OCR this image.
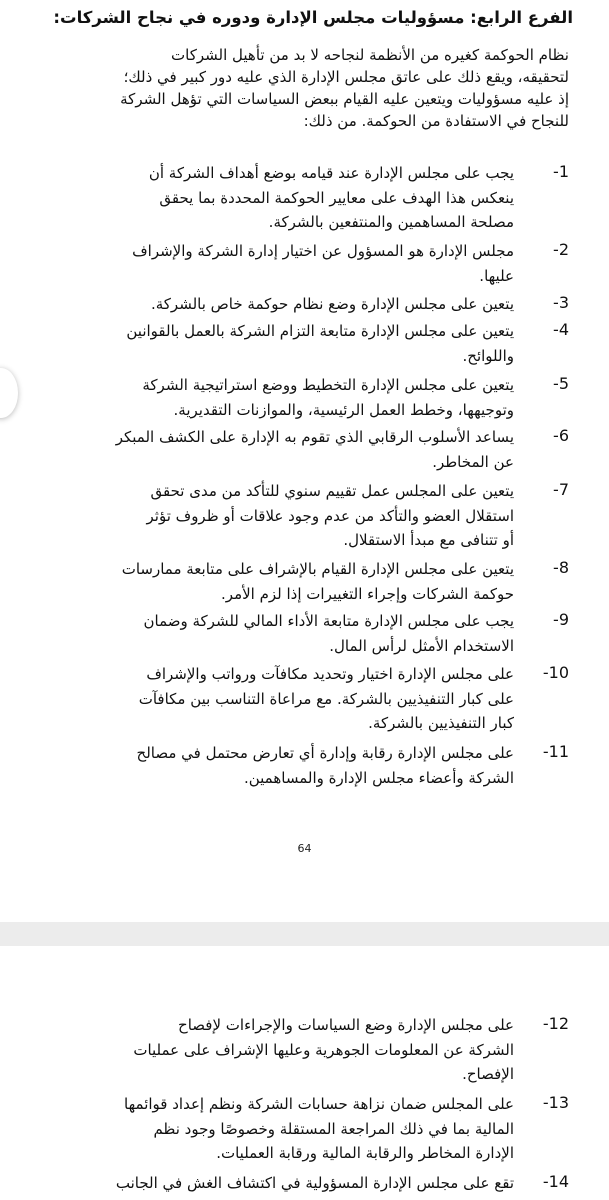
الفرع الرابع: مسؤوليات مجلس الإدارة ودوره في نجاح الشركات:
نظام الحوكمة كغيره من الأنظمة لنجاحه لا بد من تأهيل الشركات
لتحقيقه، ويقع ذلك على عاتق مجلس الإدارة الذي عليه دور كبير في ذلك؛
إذ عليه مسؤوليات ويتعين عليه القيام ببعض السياسات التي تؤهل الشركة
للنجاح في الاستفادة من الحوكمة. من ذلك:
-1
يجب على مجلس الإدارة عند قيامه بوضع أهداف الشركة أن
ينعكس هذا الهدف على معايير الحوكمة المحددة بما يحقق
مصلحة المساهمين والمنتفعين بالشركة.
-2
مجلس الإدارة هو المسؤول عن اختيار إدارة الشركة والإشراف
عليها.
-3
يتعين على مجلس الإدارة وضع نظام حوكمة خاص بالشركة.
-4
يتعين على مجلس الإدارة متابعة التزام الشركة بالعمل بالقوانين
واللوائح.
-5
يتعين على مجلس الإدارة التخطيط ووضع استراتيجية الشركة
وتوجيهها، وخطط العمل الرئيسية، والموازنات التقديرية.
-6
يساعد الأسلوب الرقابي الذي تقوم به الإدارة على الكشف المبكر
عن المخاطر.
-7
يتعين على المجلس عمل تقييم سنوي للتأكد من مدى تحقق
استقلال العضو والتأكد من عدم وجود علاقات أو ظروف تؤثر
أو تتنافى مع مبدأ الاستقلال.
-8
يتعين على مجلس الإدارة القيام بالإشراف على متابعة ممارسات
حوكمة الشركات وإجراء التغييرات إذا لزم الأمر.
-9
يجب على مجلس الإدارة متابعة الأداء المالي للشركة وضمان
الاستخدام الأمثل لرأس المال.
-10
على مجلس الإدارة اختيار وتحديد مكافآت ورواتب والإشراف
على كبار التنفيذيين بالشركة. مع مراعاة التناسب بين مكافآت
كبار التنفيذيين بالشركة.
-11
على مجلس الإدارة رقابة وإدارة أي تعارض محتمل في مصالح
الشركة وأعضاء مجلس الإدارة والمساهمين.
64
-12
على مجلس الإدارة وضع السياسات والإجراءات لإفصاح
الشركة عن المعلومات الجوهرية وعليها الإشراف على عمليات
الإفصاح.
-13
على المجلس ضمان نزاهة حسابات الشركة ونظم إعداد قوائمها
المالية بما في ذلك المراجعة المستقلة وخصوصًا وجود نظم
الإدارة المخاطر والرقابة المالية ورقابة العمليات.
-14
تقع على مجلس الإدارة المسؤولية في اكتشاف الغش في الجانب
